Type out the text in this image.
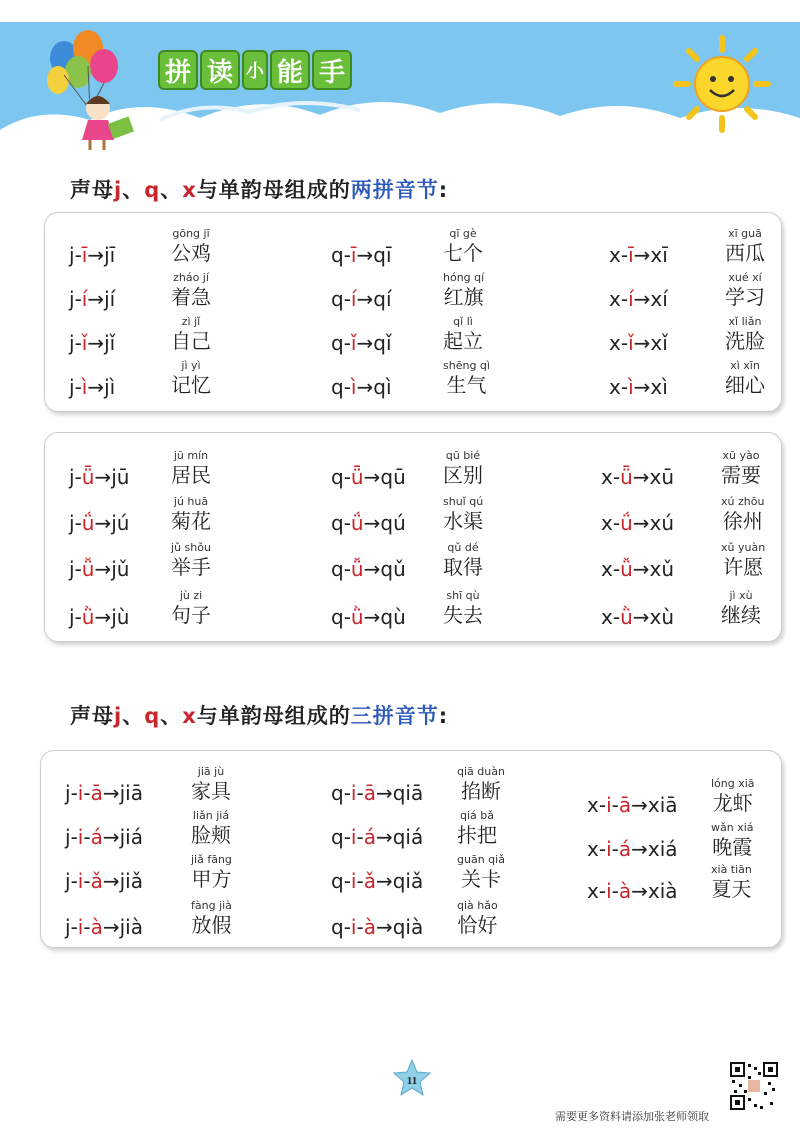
拼 读 小 能 手
声母j、q、x与单韵母组成的两拼音节:
j-ī→jī
gōng jī
公鸡
j-í→jí
zháo jí
着急
j-ǐ→jǐ
zì jǐ
自己
j-ì→jì
jì yì
记忆
q-ī→qī
qī gè
七个
q-í→qí
hóng qí
红旗
q-ǐ→qǐ
qǐ lì
起立
q-ì→qì
shēng qì
生气
x-ī→xī
xī guā
西瓜
x-í→xí
xué xí
学习
x-ǐ→xǐ
xǐ liǎn
洗脸
x-ì→xì
xì xīn
细心
j-ǖ→jū
jū mín
居民
j-ǘ→jú
jú huā
菊花
j-ǚ→jǔ
jǔ shǒu
举手
j-ǜ→jù
jù zi
句子
q-ǖ→qū
qū bié
区别
q-ǘ→qú
shuǐ qú
水渠
q-ǚ→qǔ
qǔ dé
取得
q-ǜ→qù
shī qù
失去
x-ǖ→xū
xū yào
需要
x-ǘ→xú
xú zhōu
徐州
x-ǚ→xǔ
xǔ yuàn
许愿
x-ǜ→xù
jì xù
继续
声母j、q、x与单韵母组成的三拼音节:
j-i-ā→jiā
jiā jù
家具
j-i-á→jiá
liǎn jiá
脸颊
j-i-ǎ→jiǎ
jiǎ fāng
甲方
j-i-à→jià
fàng jià
放假
q-i-ā→qiā
qiā duàn
掐断
q-i-á→qiá
qiá bǎ
拤把
q-i-ǎ→qiǎ
guān qiǎ
关卡
q-i-à→qià
qià hǎo
恰好
x-i-ā→xiā
lóng xiā
龙虾
x-i-á→xiá
wǎn xiá
晚霞
x-i-à→xià
xià tiān
夏天
11
需要更多资料请添加张老师领取
